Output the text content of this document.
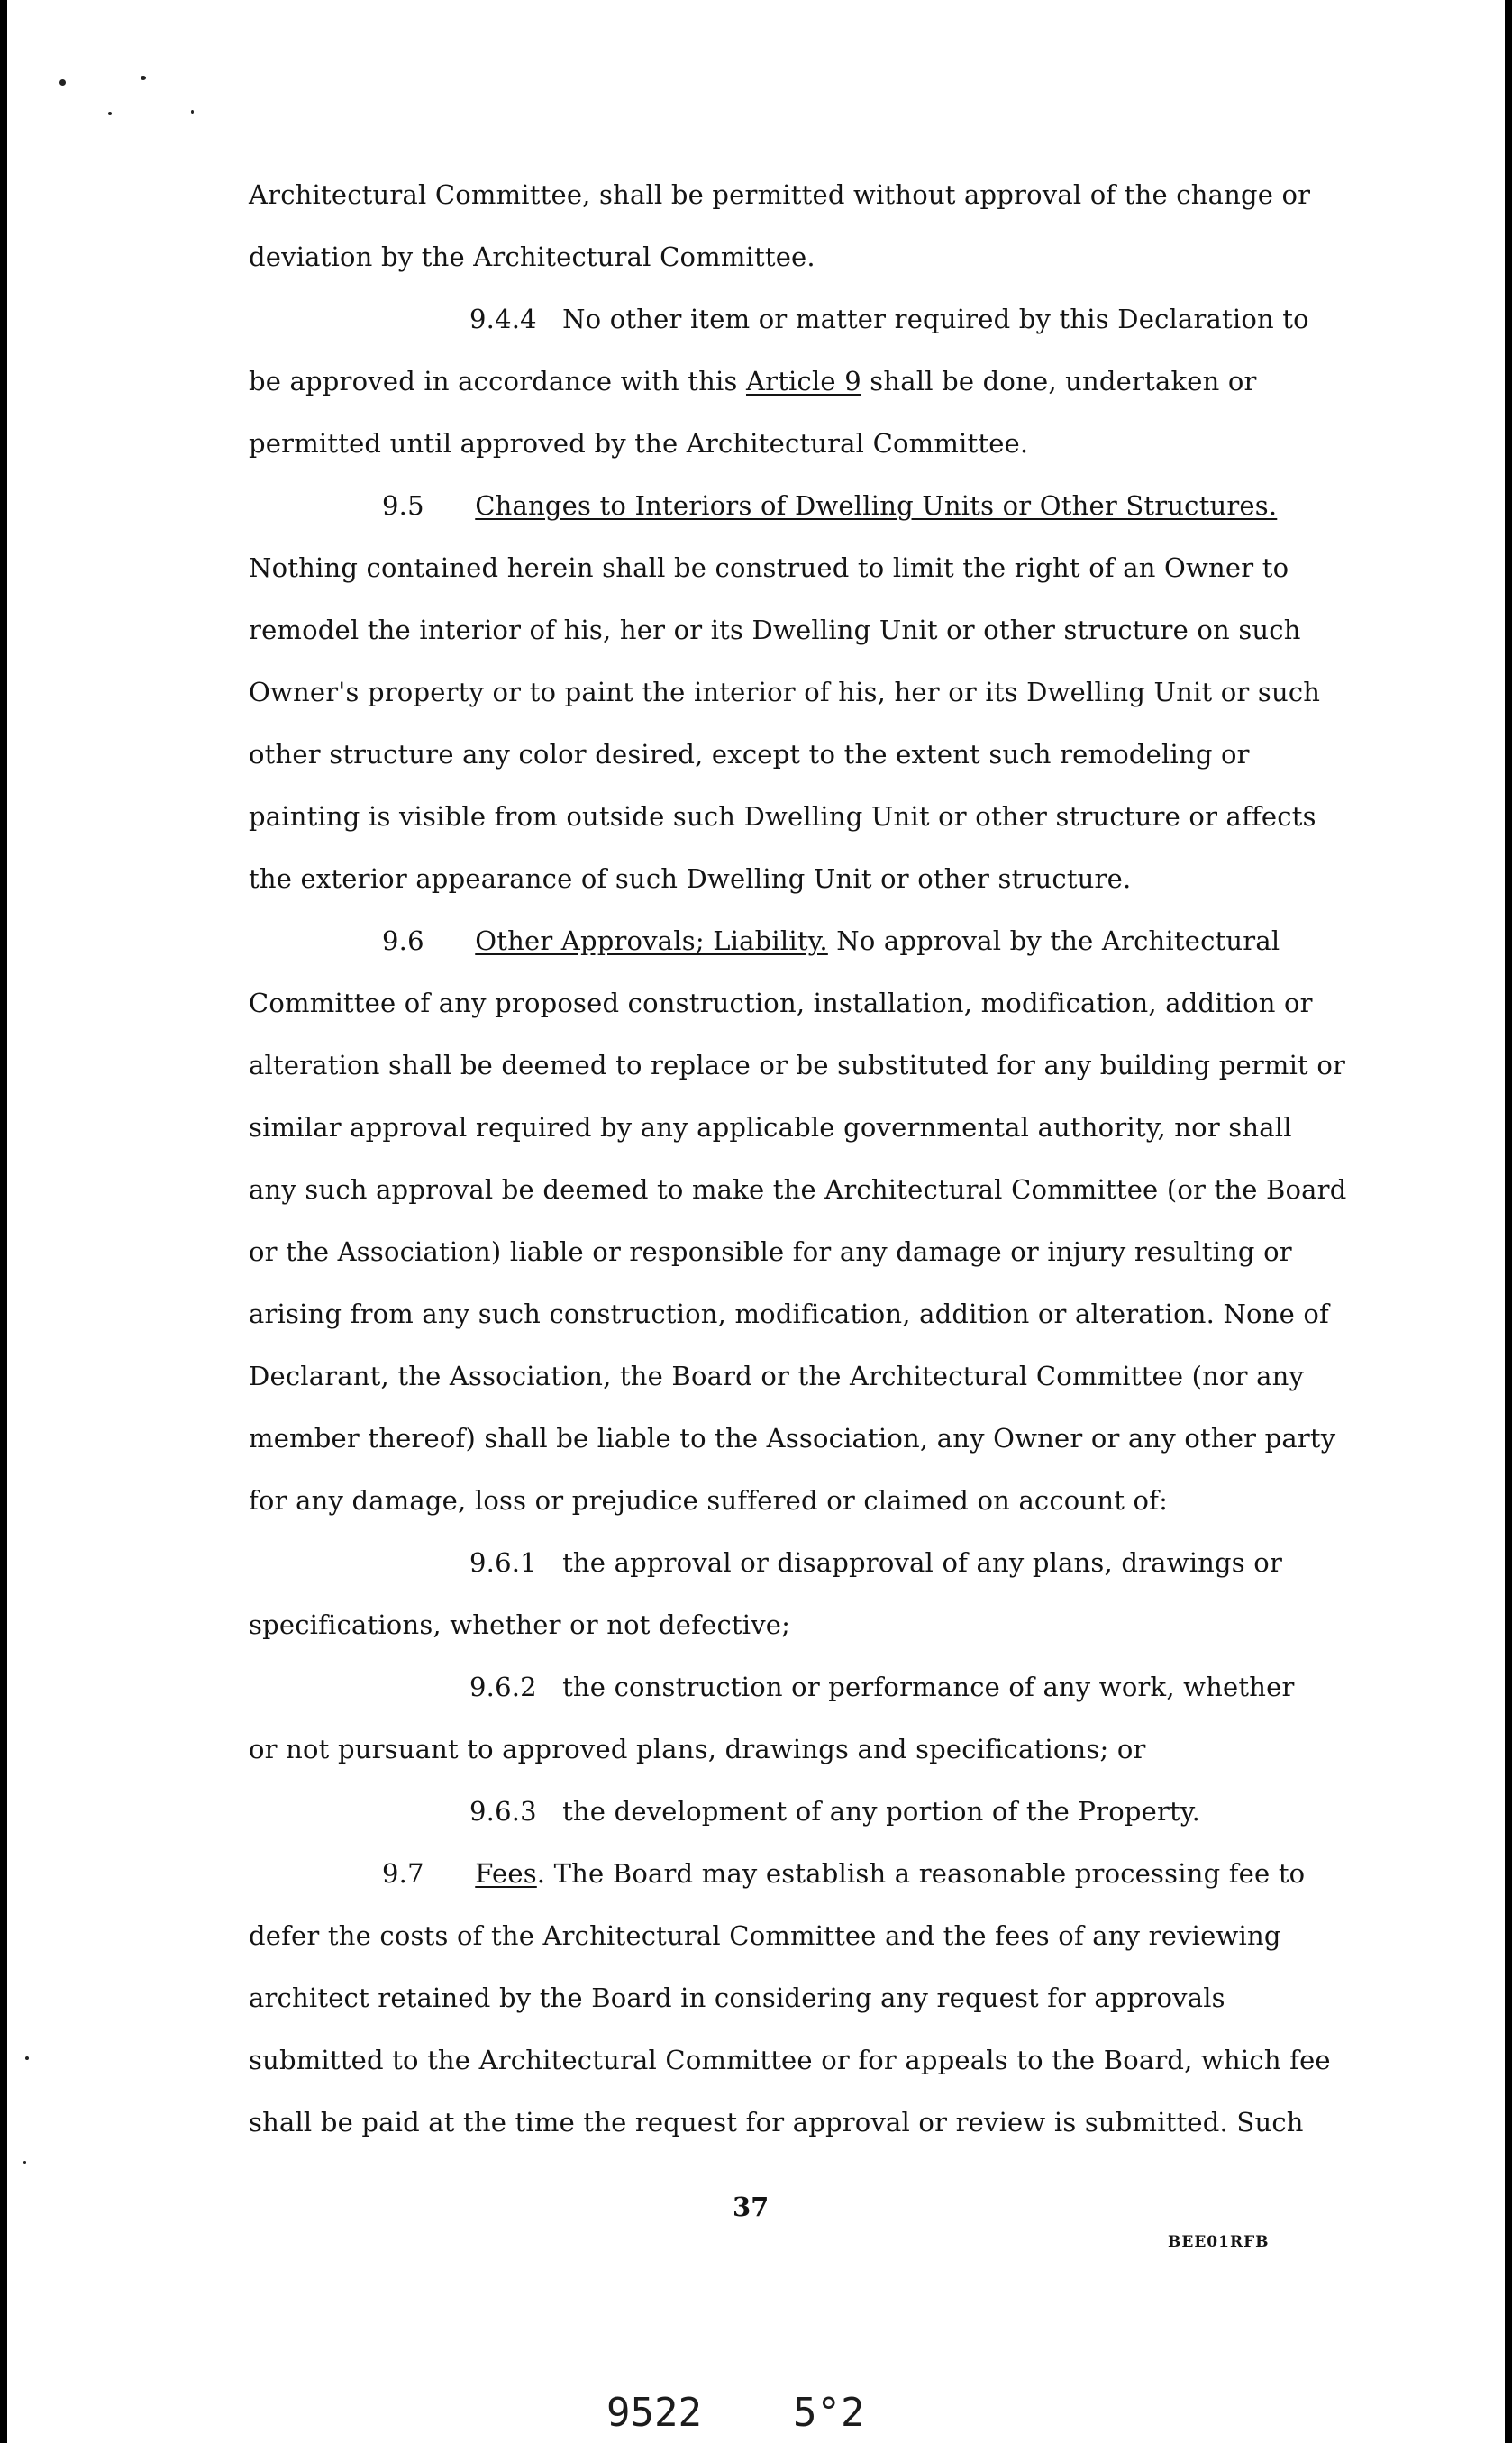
Architectural Committee, shall be permitted without approval of the change or
deviation by the Architectural Committee.
9.4.4 No other item or matter required by this Declaration to
be approved in accordance with this Article 9 shall be done, undertaken or
permitted until approved by the Architectural Committee.
9.5 Changes to Interiors of Dwelling Units or Other Structures.
Nothing contained herein shall be construed to limit the right of an Owner to
remodel the interior of his, her or its Dwelling Unit or other structure on such
Owner's property or to paint the interior of his, her or its Dwelling Unit or such
other structure any color desired, except to the extent such remodeling or
painting is visible from outside such Dwelling Unit or other structure or affects
the exterior appearance of such Dwelling Unit or other structure.
9.6 Other Approvals; Liability. No approval by the Architectural
Committee of any proposed construction, installation, modification, addition or
alteration shall be deemed to replace or be substituted for any building permit or
similar approval required by any applicable governmental authority, nor shall
any such approval be deemed to make the Architectural Committee (or the Board
or the Association) liable or responsible for any damage or injury resulting or
arising from any such construction, modification, addition or alteration. None of
Declarant, the Association, the Board or the Architectural Committee (nor any
member thereof) shall be liable to the Association, any Owner or any other party
for any damage, loss or prejudice suffered or claimed on account of:
9.6.1 the approval or disapproval of any plans, drawings or
specifications, whether or not defective;
9.6.2 the construction or performance of any work, whether
or not pursuant to approved plans, drawings and specifications; or
9.6.3 the development of any portion of the Property.
9.7 Fees. The Board may establish a reasonable processing fee to
defer the costs of the Architectural Committee and the fees of any reviewing
architect retained by the Board in considering any request for approvals
submitted to the Architectural Committee or for appeals to the Board, which fee
shall be paid at the time the request for approval or review is submitted. Such
37
BEE01RFB
9522 5°2
